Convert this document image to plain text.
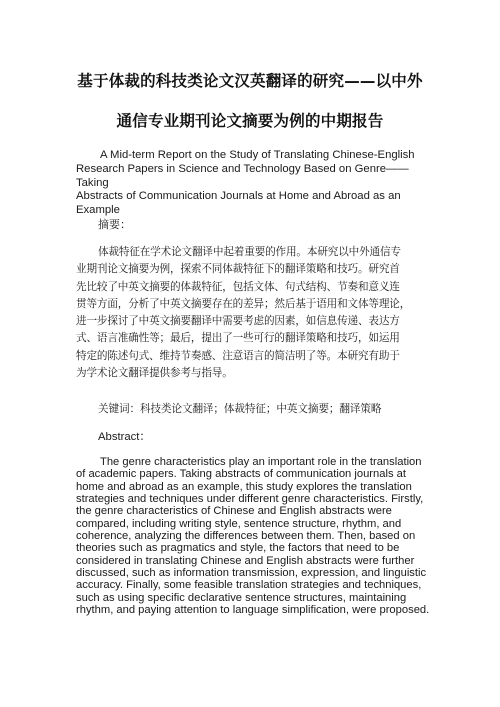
基于体裁的科技类论文汉英翻译的研究——以中外
通信专业期刊论文摘要为例的中期报告
A Mid-term Report on the Study of Translating Chinese-English
Research Papers in Science and Technology Based on Genre——Taking
Abstracts of Communication Journals at Home and Abroad as an
Example
摘要：
体裁特征在学术论文翻译中起着重要的作用。本研究以中外通信专
业期刊论文摘要为例，探索不同体裁特征下的翻译策略和技巧。研究首
先比较了中英文摘要的体裁特征，包括文体、句式结构、节奏和意义连
贯等方面，分析了中英文摘要存在的差异；然后基于语用和文体等理论，
进一步探讨了中英文摘要翻译中需要考虑的因素，如信息传递、表达方
式、语言准确性等；最后，提出了一些可行的翻译策略和技巧，如运用
特定的陈述句式、维持节奏感、注意语言的简洁明了等。本研究有助于
为学术论文翻译提供参考与指导。
关键词：科技类论文翻译；体裁特征；中英文摘要；翻译策略
Abstract：
The genre characteristics play an important role in the translation
of academic papers. Taking abstracts of communication journals at
home and abroad as an example, this study explores the translation
strategies and techniques under different genre characteristics. Firstly,
the genre characteristics of Chinese and English abstracts were
compared, including writing style, sentence structure, rhythm, and
coherence, analyzing the differences between them. Then, based on
theories such as pragmatics and style, the factors that need to be
considered in translating Chinese and English abstracts were further
discussed, such as information transmission, expression, and linguistic
accuracy. Finally, some feasible translation strategies and techniques,
such as using specific declarative sentence structures, maintaining
rhythm, and paying attention to language simplification, were proposed.
